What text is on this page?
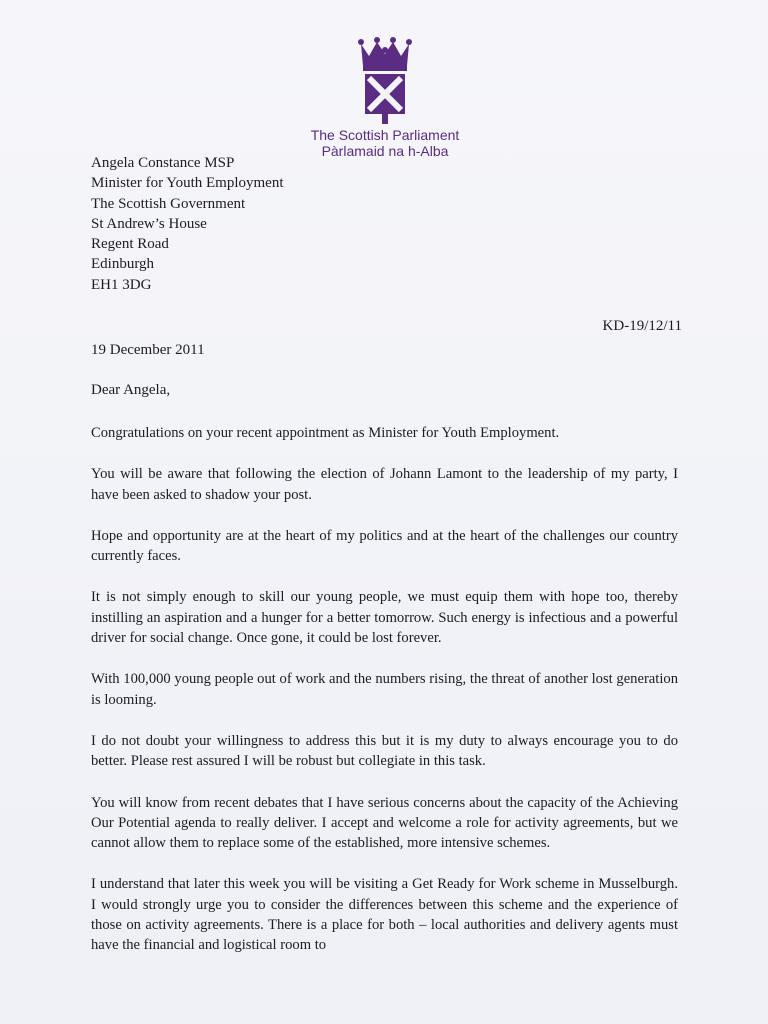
The Scottish Parliament
Pàrlamaid na h-Alba
Angela Constance MSP
Minister for Youth Employment
The Scottish Government
St Andrew’s House
Regent Road
Edinburgh
EH1 3DG
KD-19/12/11
19 December 2011
Dear Angela,

Congratulations on your recent appointment as Minister for Youth Employment.

You will be aware that following the election of Johann Lamont to the leadership of my party, I have been asked to shadow your post.

Hope and opportunity are at the heart of my politics and at the heart of the challenges our country currently faces.

It is not simply enough to skill our young people, we must equip them with hope too, thereby instilling an aspiration and a hunger for a better tomorrow. Such energy is infectious and a powerful driver for social change. Once gone, it could be lost forever.

With 100,000 young people out of work and the numbers rising, the threat of another lost generation is looming.

I do not doubt your willingness to address this but it is my duty to always encourage you to do better. Please rest assured I will be robust but collegiate in this task.

You will know from recent debates that I have serious concerns about the capacity of the Achieving Our Potential agenda to really deliver. I accept and welcome a role for activity agreements, but we cannot allow them to replace some of the established, more intensive schemes.

I understand that later this week you will be visiting a Get Ready for Work scheme in Musselburgh. I would strongly urge you to consider the differences between this scheme and the experience of those on activity agreements. There is a place for both – local authorities and delivery agents must have the financial and logistical room to
